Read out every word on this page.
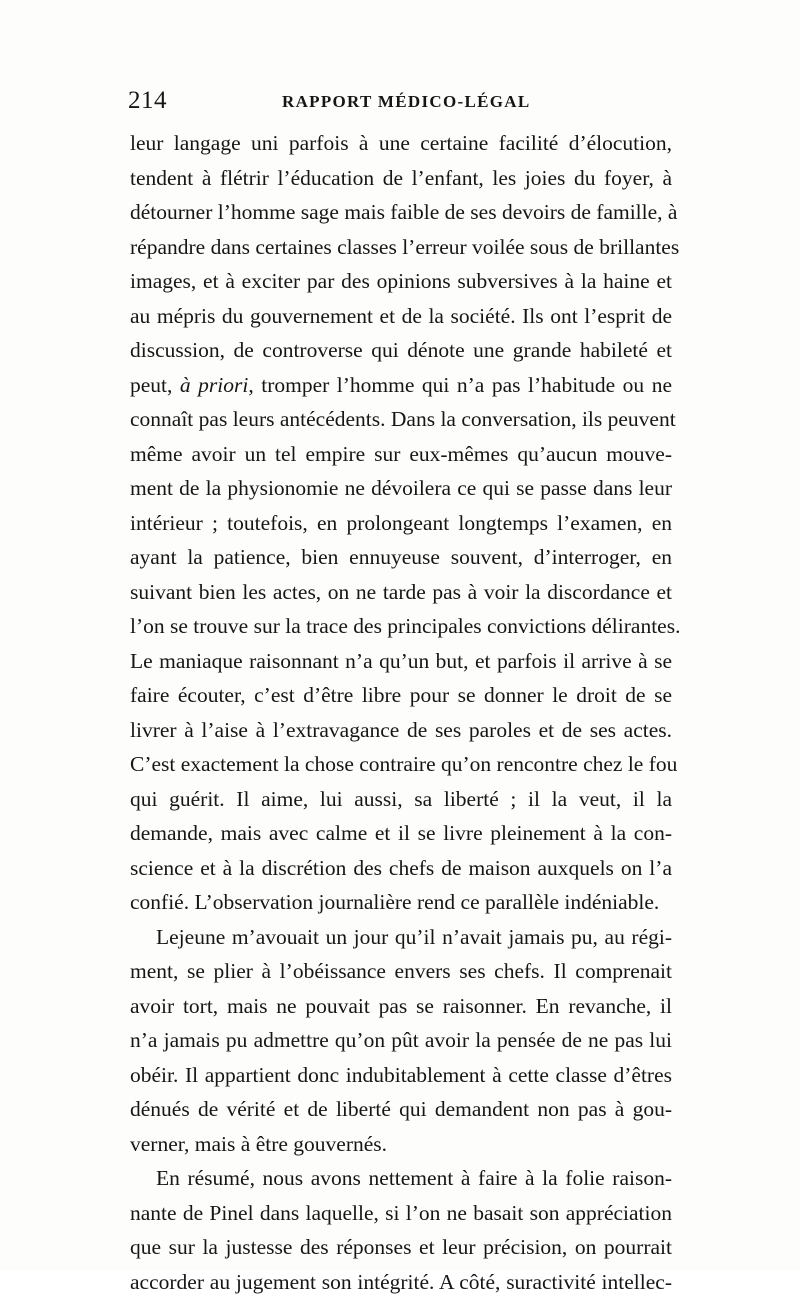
214	RAPPORT MÉDICO-LÉGAL
leur langage uni parfois à une certaine facilité d’élocution,
tendent à flétrir l’éducation de l’enfant, les joies du foyer, à
détourner l’homme sage mais faible de ses devoirs de famille, à
répandre dans certaines classes l’erreur voilée sous de brillantes
images, et à exciter par des opinions subversives à la haine et
au mépris du gouvernement et de la société. Ils ont l’esprit de
discussion, de controverse qui dénote une grande habileté et
peut, à priori, tromper l’homme qui n’a pas l’habitude ou ne
connaît pas leurs antécédents. Dans la conversation, ils peuvent
même avoir un tel empire sur eux-mêmes qu’aucun mouve-
ment de la physionomie ne dévoilera ce qui se passe dans leur
intérieur ; toutefois, en prolongeant longtemps l’examen, en
ayant la patience, bien ennuyeuse souvent, d’interroger, en
suivant bien les actes, on ne tarde pas à voir la discordance et
l’on se trouve sur la trace des principales convictions délirantes.
Le maniaque raisonnant n’a qu’un but, et parfois il arrive à se
faire écouter, c’est d’être libre pour se donner le droit de se
livrer à l’aise à l’extravagance de ses paroles et de ses actes.
C’est exactement la chose contraire qu’on rencontre chez le fou
qui guérit. Il aime, lui aussi, sa liberté ; il la veut, il la
demande, mais avec calme et il se livre pleinement à la con-
science et à la discrétion des chefs de maison auxquels on l’a
confié. L’observation journalière rend ce parallèle indéniable.
Lejeune m’avouait un jour qu’il n’avait jamais pu, au régi-
ment, se plier à l’obéissance envers ses chefs. Il comprenait
avoir tort, mais ne pouvait pas se raisonner. En revanche, il
n’a jamais pu admettre qu’on pût avoir la pensée de ne pas lui
obéir. Il appartient donc indubitablement à cette classe d’êtres
dénués de vérité et de liberté qui demandent non pas à gou-
verner, mais à être gouvernés.
En résumé, nous avons nettement à faire à la folie raison-
nante de Pinel dans laquelle, si l’on ne basait son appréciation
que sur la justesse des réponses et leur précision, on pourrait
accorder au jugement son intégrité. A côté, suractivité intellec-
